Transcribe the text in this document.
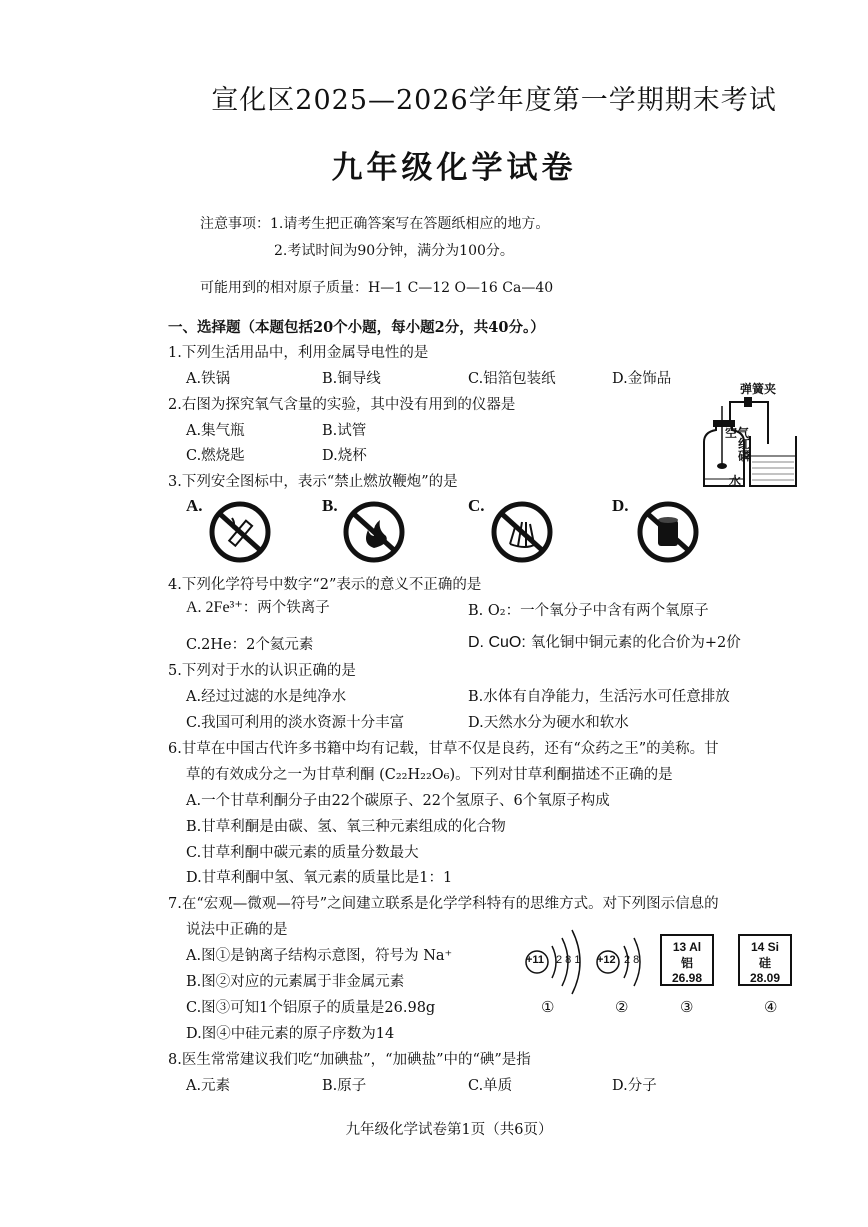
宣化区2025—2026学年度第一学期期末考试
九年级化学试卷
注意事项：1.请考生把正确答案写在答题纸相应的地方。
2.考试时间为90分钟，满分为100分。
可能用到的相对原子质量：H—1 C—12 O—16 Ca—40
一、选择题（本题包括20个小题，每小题2分，共40分。）
1.下列生活用品中，利用金属导电性的是
A.铁锅	B.铜导线	C.铝箔包装纸	D.金饰品
2.右图为探究氧气含量的实验，其中没有用到的仪器是
A.集气瓶	B.试管
C.燃烧匙	D.烧杯
弹簧夹
空气
红磷
水
3.下列安全图标中，表示“禁止燃放鞭炮”的是
A.	B.	C.	D.
4.下列化学符号中数字“2”表示的意义不正确的是
A. 2Fe³⁺：两个铁离子	B. O₂：一个氧分子中含有两个氧原子
C.2He：2个氦元素	D. CuO: 氧化铜中铜元素的化合价为+2价
5.下列对于水的认识正确的是
A.经过过滤的水是纯净水	B.水体有自净能力，生活污水可任意排放
C.我国可利用的淡水资源十分丰富	D.天然水分为硬水和软水
6.甘草在中国古代许多书籍中均有记载，甘草不仅是良药，还有“众药之王”的美称。甘
草的有效成分之一为甘草利酮 (C₂₂H₂₂O₆)。下列对甘草利酮描述不正确的是
A.一个甘草利酮分子由22个碳原子、22个氢原子、6个氧原子构成
B.甘草利酮是由碳、氢、氧三种元素组成的化合物
C.甘草利酮中碳元素的质量分数最大
D.甘草利酮中氢、氧元素的质量比是1：1
7.在“宏观—微观—符号”之间建立联系是化学学科特有的思维方式。对下列图示信息的
说法中正确的是
A.图①是钠离子结构示意图，符号为 Na⁺
B.图②对应的元素属于非金属元素
C.图③可知1个铝原子的质量是26.98g
D.图④中硅元素的原子序数为14
+11 2 8 1
①
+12 2 8
②
13 Al
铝
26.98
③
14 Si
硅
28.09
④
8.医生常常建议我们吃“加碘盐”，“加碘盐”中的“碘”是指
A.元素	B.原子	C.单质	D.分子
九年级化学试卷第1页（共6页）
